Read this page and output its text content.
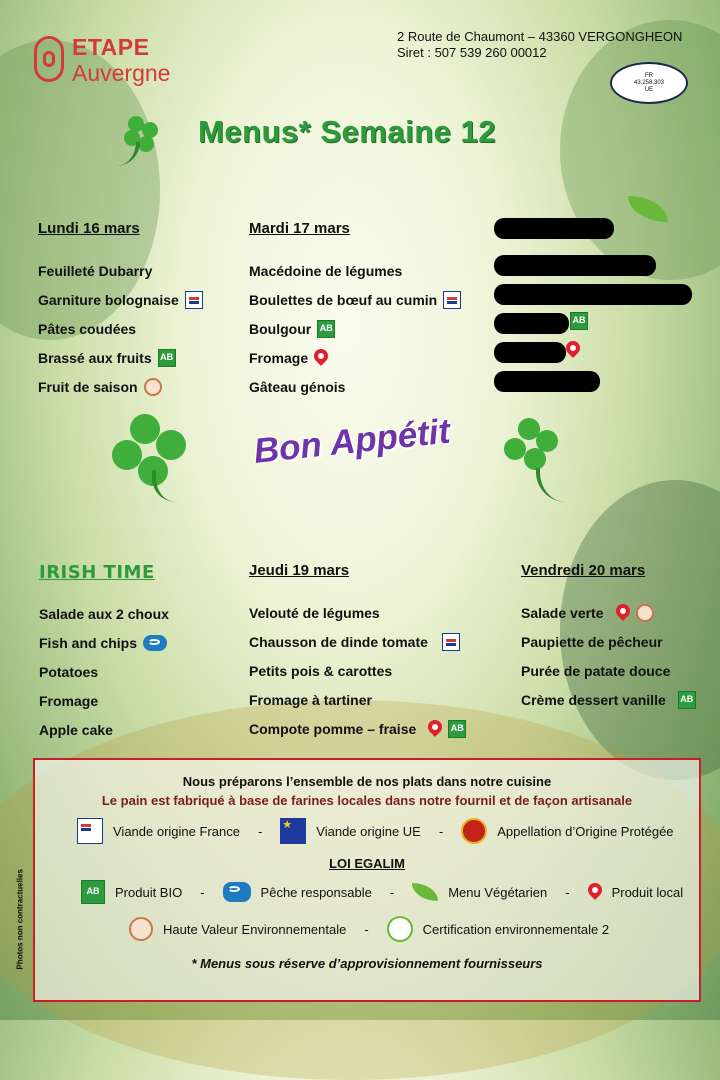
ETAPE
Auvergne
2 Route de Chaumont – 43360 VERGONGHEON
Siret : 507 539 260 00012
FR
43.258.303
UE
Menus* Semaine 12
Lundi 16 mars
Feuilleté Dubarry
Garniture bolognaise
Pâtes coudées
Brassé aux fruits AB
Fruit de saison
Mardi 17 mars
Macédoine de légumes
Boulettes de bœuf au cumin
Boulgour AB
Fromage
Gâteau génois
AB
Bon Appétit
IRISH TIME
Salade aux 2 choux
Fish and chips
Potatoes
Fromage
Apple cake
Jeudi 19 mars
Velouté de légumes
Chausson de dinde tomate
Petits pois & carottes
Fromage à tartiner
Compote pomme – fraise	AB
Vendredi 20 mars
Salade verte
Paupiette de pêcheur
Purée de patate douce
Crème dessert vanille AB
Nous préparons l’ensemble de nos plats dans notre cuisine
Le pain est fabriqué à base de farines locales dans notre fournil et de façon artisanale
Viande origine France -
★	Viande origine UE -	Appellation d’Origine Protégée
LOI EGALIM
AB	Produit BIO -	Pêche responsable -	Menu Végétarien -	Produit local
Haute Valeur Environnementale -	Certification environnementale 2
* Menus sous réserve d’approvisionnement fournisseurs
Photos non contractuelles
